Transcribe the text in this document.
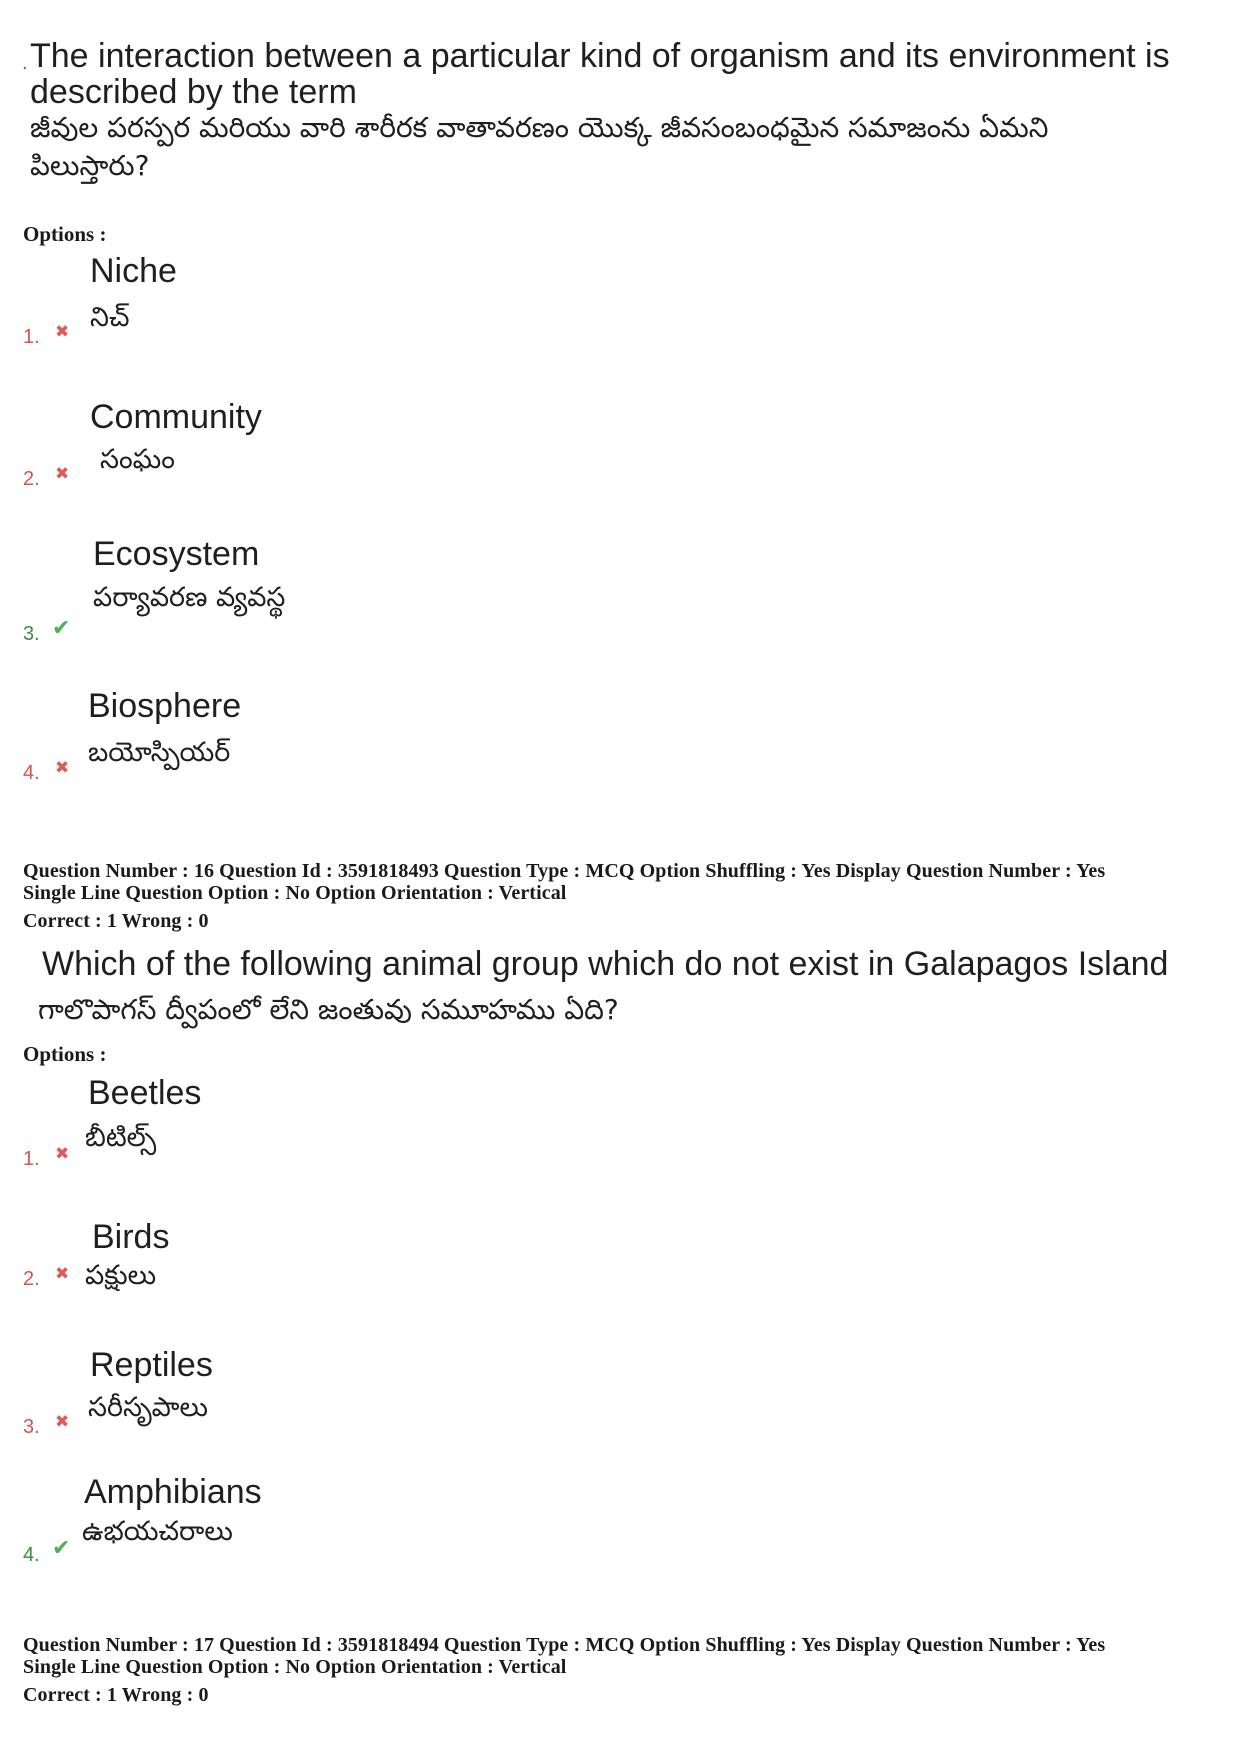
. The interaction between a particular kind of organism and its environment is
described by the term
జీవుల పరస్పర మరియు వారి శారీరక వాతావరణం యొక్క జీవసంబంధమైన సమాజంను ఏమని
పిలుస్తారు?
Options :
Niche
నిచ్
1. ✖
Community
సంఘం
2. ✖
Ecosystem
పర్యావరణ వ్యవస్థ
3. ✔
Biosphere
బయోస్పియర్
4. ✖
Question Number : 16 Question Id : 3591818493 Question Type : MCQ Option Shuffling : Yes Display Question Number : Yes
Single Line Question Option : No Option Orientation : Vertical
Correct : 1 Wrong : 0
Which of the following animal group which do not exist in Galapagos Island
గాలొపాగస్ ద్వీపంలో లేని జంతువు సమూహము ఏది?
Options :
Beetles
బీటిల్స్
1. ✖
Birds
పక్షులు
2. ✖
Reptiles
సరీసృపాలు
3. ✖
Amphibians
ఉభయచరాలు
4. ✔
Question Number : 17 Question Id : 3591818494 Question Type : MCQ Option Shuffling : Yes Display Question Number : Yes
Single Line Question Option : No Option Orientation : Vertical
Correct : 1 Wrong : 0
